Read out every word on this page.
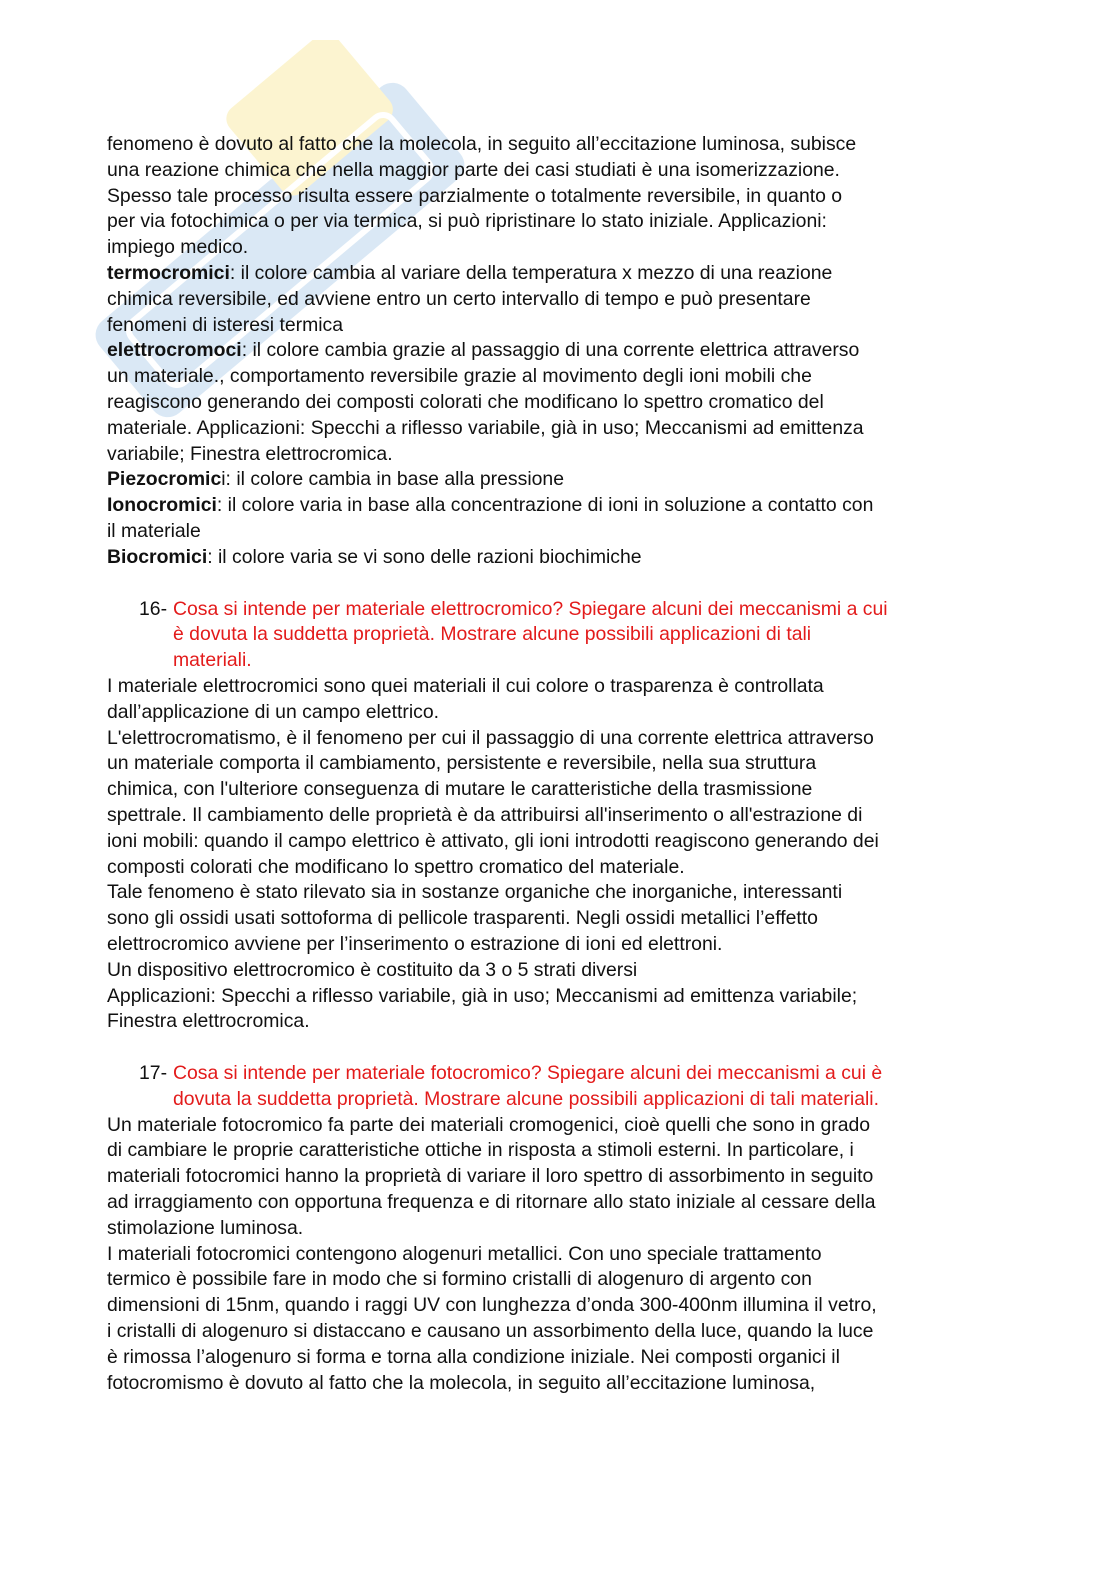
fenomeno è dovuto al fatto che la molecola, in seguito all’eccitazione luminosa, subisce
una reazione chimica che nella maggior parte dei casi studiati è una isomerizzazione.
Spesso tale processo risulta essere parzialmente o totalmente reversibile, in quanto o
per via fotochimica o per via termica, si può ripristinare lo stato iniziale. Applicazioni:
impiego medico.
termocromici: il colore cambia al variare della temperatura x mezzo di una reazione
chimica reversibile, ed avviene entro un certo intervallo di tempo e può presentare
fenomeni di isteresi termica
elettrocromoci: il colore cambia grazie al passaggio di una corrente elettrica attraverso
un materiale., comportamento reversibile grazie al movimento degli ioni mobili che
reagiscono generando dei composti colorati che modificano lo spettro cromatico del
materiale. Applicazioni: Specchi a riflesso variabile, già in uso; Meccanismi ad emittenza
variabile; Finestra elettrocromica.
Piezocromici: il colore cambia in base alla pressione
Ionocromici: il colore varia in base alla concentrazione di ioni in soluzione a contatto con
il materiale
Biocromici: il colore varia se vi sono delle razioni biochimiche
16- Cosa si intende per materiale elettrocromico? Spiegare alcuni dei meccanismi a cui
è dovuta la suddetta proprietà. Mostrare alcune possibili applicazioni di tali
materiali.
I materiale elettrocromici sono quei materiali il cui colore o trasparenza è controllata
dall’applicazione di un campo elettrico.
L'elettrocromatismo, è il fenomeno per cui il passaggio di una corrente elettrica attraverso
un materiale comporta il cambiamento, persistente e reversibile, nella sua struttura
chimica, con l'ulteriore conseguenza di mutare le caratteristiche della trasmissione
spettrale. Il cambiamento delle proprietà è da attribuirsi all'inserimento o all'estrazione di
ioni mobili: quando il campo elettrico è attivato, gli ioni introdotti reagiscono generando dei
composti colorati che modificano lo spettro cromatico del materiale.
Tale fenomeno è stato rilevato sia in sostanze organiche che inorganiche, interessanti
sono gli ossidi usati sottoforma di pellicole trasparenti. Negli ossidi metallici l’effetto
elettrocromico avviene per l’inserimento o estrazione di ioni ed elettroni.
Un dispositivo elettrocromico è costituito da 3 o 5 strati diversi
Applicazioni: Specchi a riflesso variabile, già in uso; Meccanismi ad emittenza variabile;
Finestra elettrocromica.
17- Cosa si intende per materiale fotocromico? Spiegare alcuni dei meccanismi a cui è
dovuta la suddetta proprietà. Mostrare alcune possibili applicazioni di tali materiali.
Un materiale fotocromico fa parte dei materiali cromogenici, cioè quelli che sono in grado
di cambiare le proprie caratteristiche ottiche in risposta a stimoli esterni. In particolare, i
materiali fotocromici hanno la proprietà di variare il loro spettro di assorbimento in seguito
ad irraggiamento con opportuna frequenza e di ritornare allo stato iniziale al cessare della
stimolazione luminosa.
I materiali fotocromici contengono alogenuri metallici. Con uno speciale trattamento
termico è possibile fare in modo che si formino cristalli di alogenuro di argento con
dimensioni di 15nm, quando i raggi UV con lunghezza d’onda 300-400nm illumina il vetro,
i cristalli di alogenuro si distaccano e causano un assorbimento della luce, quando la luce
è rimossa l’alogenuro si forma e torna alla condizione iniziale. Nei composti organici il
fotocromismo è dovuto al fatto che la molecola, in seguito all’eccitazione luminosa,
